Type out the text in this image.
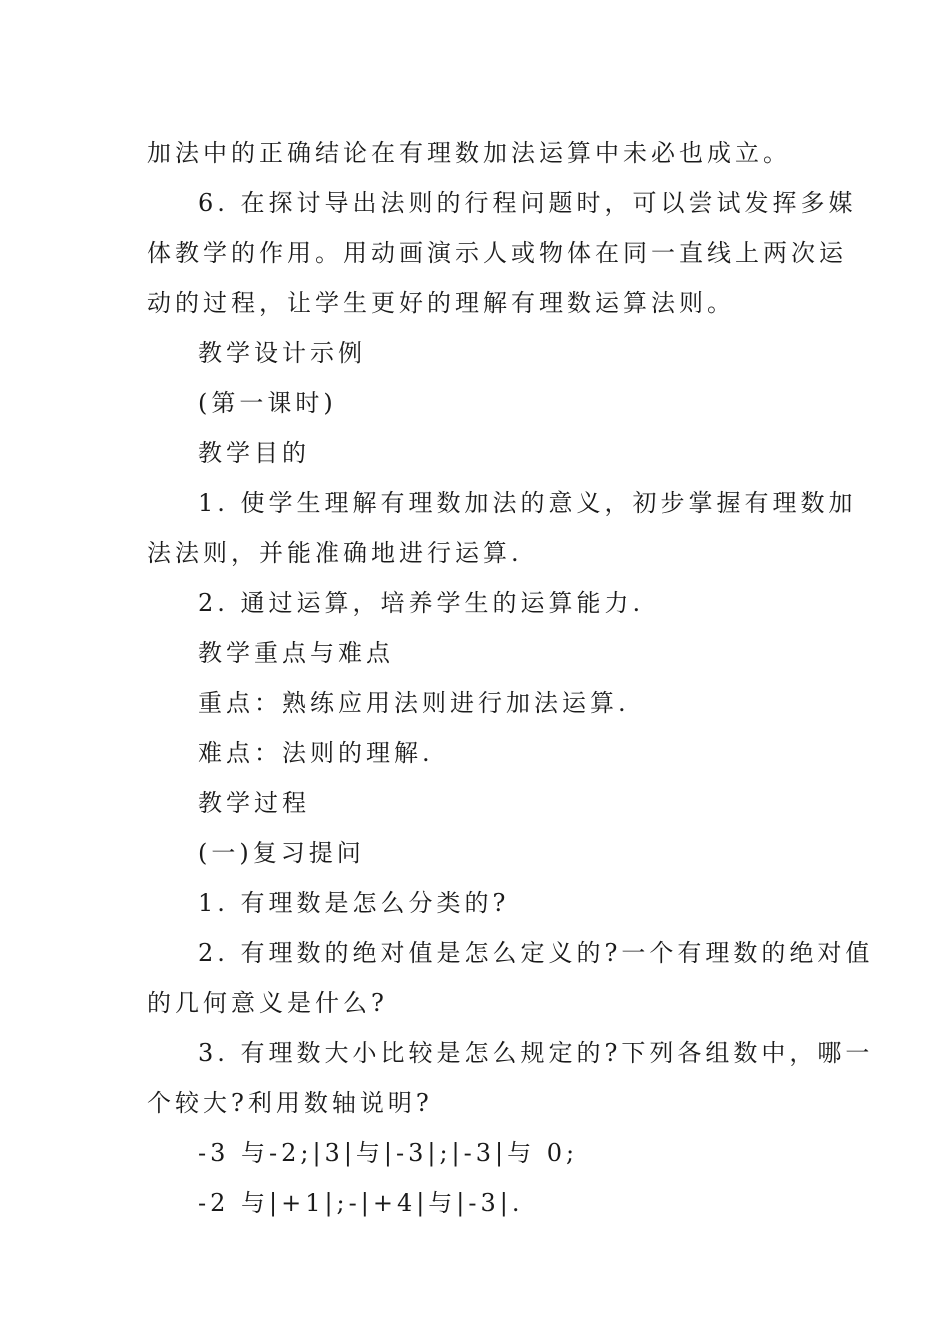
加法中的正确结论在有理数加法运算中未必也成立。
6. 在探讨导出法则的行程问题时，可以尝试发挥多媒
体教学的作用。用动画演示人或物体在同一直线上两次运
动的过程，让学生更好的理解有理数运算法则。
教学设计示例
(第一课时)
教学目的
1. 使学生理解有理数加法的意义，初步掌握有理数加
法法则，并能准确地进行运算.
2. 通过运算，培养学生的运算能力.
教学重点与难点
重点：熟练应用法则进行加法运算.
难点：法则的理解.
教学过程
(一)复习提问
1. 有理数是怎么分类的?
2. 有理数的绝对值是怎么定义的?一个有理数的绝对值
的几何意义是什么?
3. 有理数大小比较是怎么规定的?下列各组数中，哪一
个较大?利用数轴说明?
-3 与-2;|3|与|-3|;|-3|与 0;
-2 与|+1|;-|+4|与|-3|.
